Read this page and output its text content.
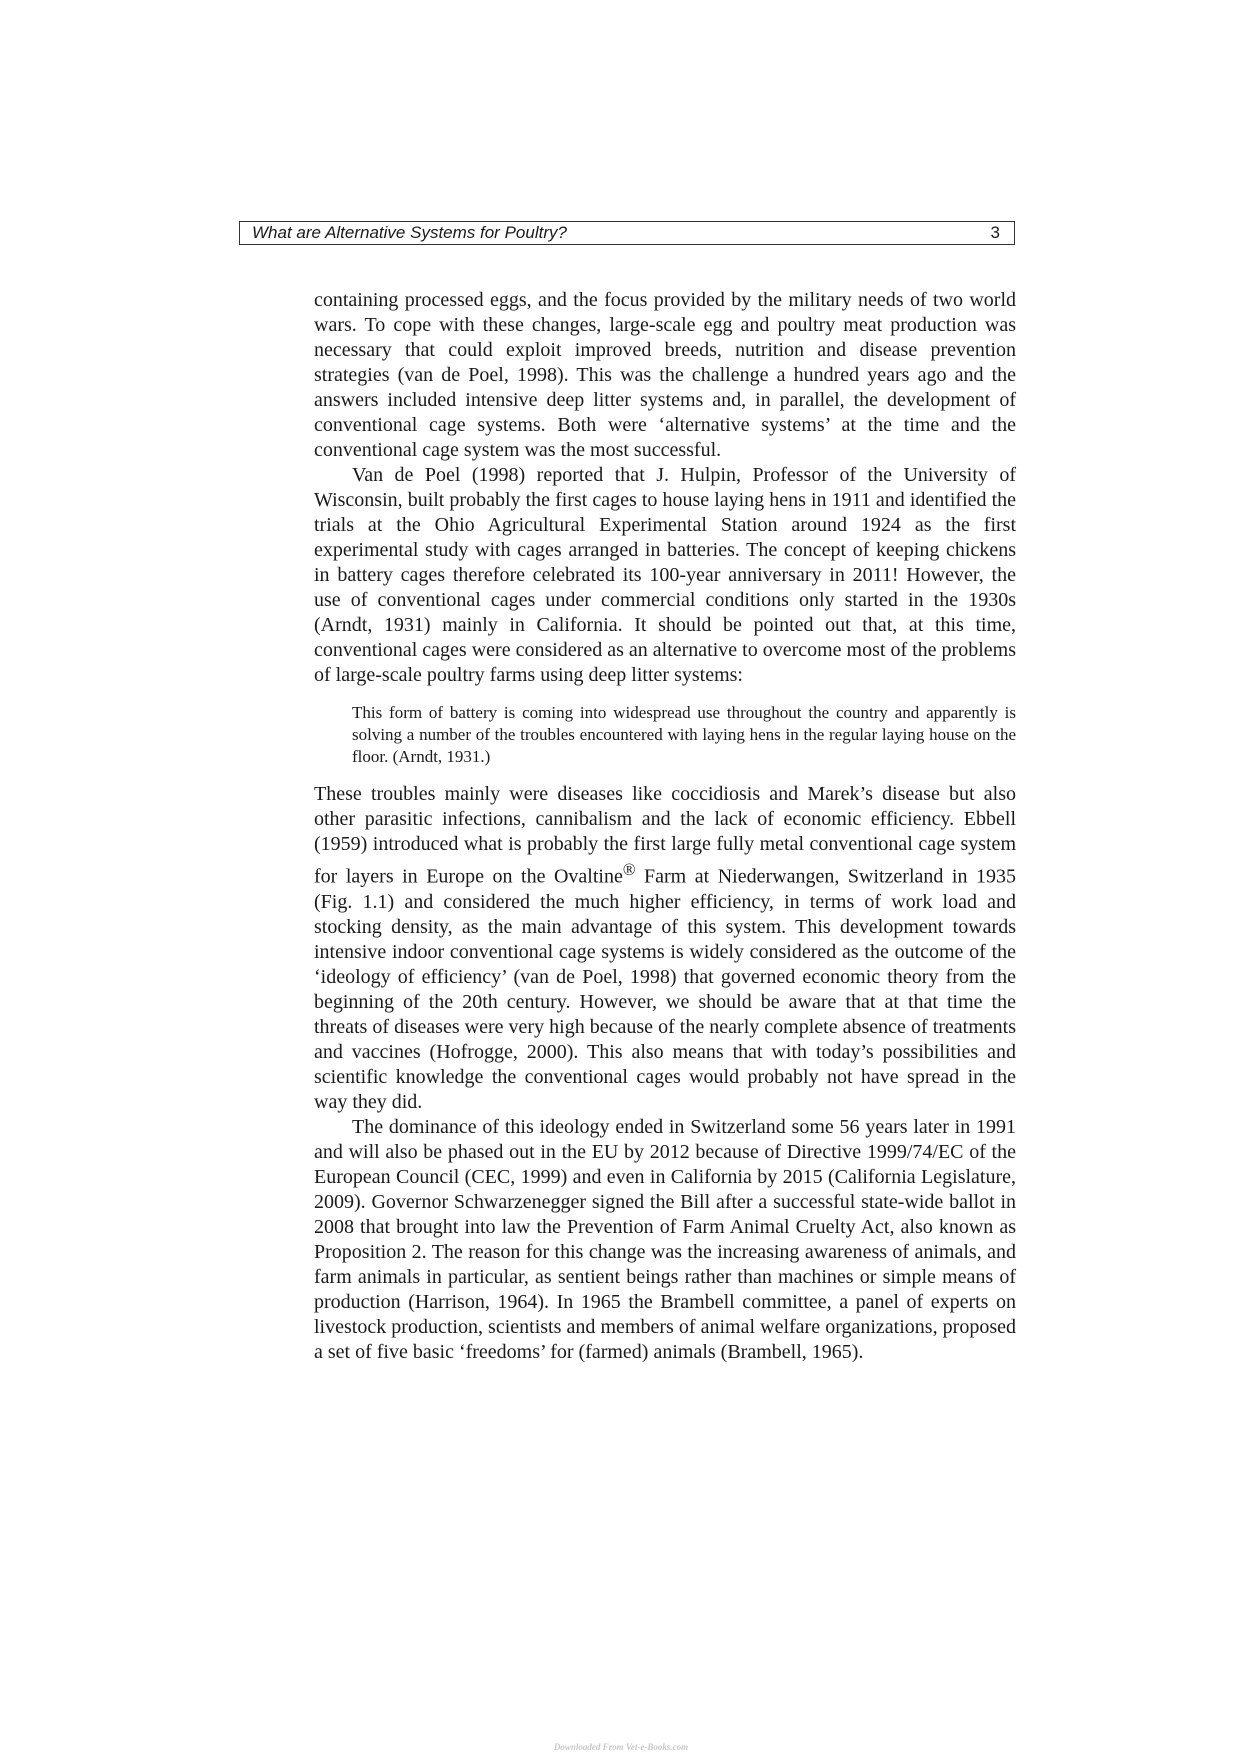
What are Alternative Systems for Poultry?	3

containing processed eggs, and the focus provided by the military needs of two world wars. To cope with these changes, large-scale egg and poultry meat production was necessary that could exploit improved breeds, nutrition and disease prevention strategies (van de Poel, 1998). This was the challenge a hundred years ago and the answers included intensive deep litter systems and, in parallel, the development of conventional cage systems. Both were ‘alternative systems’ at the time and the conventional cage system was the most successful.

Van de Poel (1998) reported that J. Hulpin, Professor of the University of Wisconsin, built probably the first cages to house laying hens in 1911 and identified the trials at the Ohio Agricultural Experimental Station around 1924 as the first experimental study with cages arranged in batteries. The concept of keeping chickens in battery cages therefore celebrated its 100-year anniversary in 2011! However, the use of conventional cages under commercial conditions only started in the 1930s (Arndt, 1931) mainly in California. It should be pointed out that, at this time, conventional cages were considered as an alternative to overcome most of the problems of large-scale poultry farms using deep litter systems:

This form of battery is coming into widespread use throughout the country and apparently is solving a number of the troubles encountered with laying hens in the regular laying house on the floor. (Arndt, 1931.)

These troubles mainly were diseases like coccidiosis and Marek’s disease but also other parasitic infections, cannibalism and the lack of economic efficiency. Ebbell (1959) introduced what is probably the first large fully metal conventional cage system for layers in Europe on the Ovaltine® Farm at Niederwangen, Switzerland in 1935 (Fig. 1.1) and considered the much higher efficiency, in terms of work load and stocking density, as the main advantage of this system. This development towards intensive indoor conventional cage systems is widely considered as the outcome of the ‘ideology of efficiency’ (van de Poel, 1998) that governed economic theory from the beginning of the 20th century. However, we should be aware that at that time the threats of diseases were very high because of the nearly complete absence of treatments and vaccines (Hofrogge, 2000). This also means that with today’s possibilities and scientific knowledge the conventional cages would probably not have spread in the way they did.

The dominance of this ideology ended in Switzerland some 56 years later in 1991 and will also be phased out in the EU by 2012 because of Directive 1999/74/EC of the European Council (CEC, 1999) and even in California by 2015 (California Legislature, 2009). Governor Schwarzenegger signed the Bill after a successful state-wide ballot in 2008 that brought into law the Prevention of Farm Animal Cruelty Act, also known as Proposition 2. The reason for this change was the increasing awareness of animals, and farm animals in particular, as sentient beings rather than machines or simple means of production (Harrison, 1964). In 1965 the Brambell committee, a panel of experts on livestock production, scientists and members of animal welfare organizations, proposed a set of five basic ‘freedoms’ for (farmed) animals (Brambell, 1965).

Downloaded From Vet-e-Books.com
